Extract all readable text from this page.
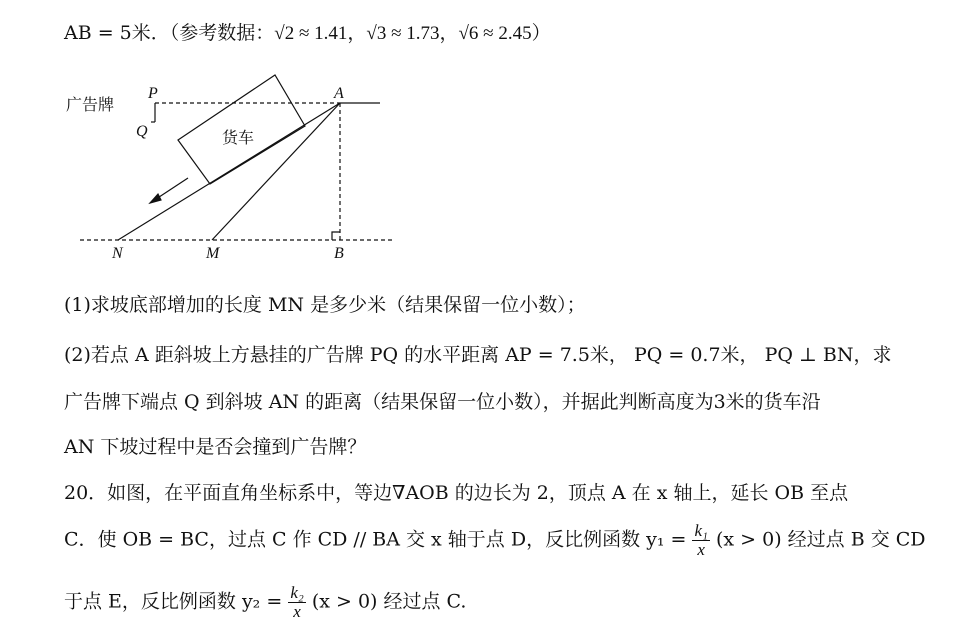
AB = 5米．（参考数据：√2 ≈ 1.41，√3 ≈ 1.73，√6 ≈ 2.45）
广告牌
P
Q
A
N	M	B
货车
(1)求坡底部增加的长度 MN 是多少米（结果保留一位小数）；
(2)若点 A 距斜坡上方悬挂的广告牌 PQ 的水平距离 AP = 7.5米， PQ = 0.7米， PQ ⊥ BN，求
广告牌下端点 Q 到斜坡 AN 的距离（结果保留一位小数），并据此判断高度为3米的货车沿
AN 下坡过程中是否会撞到广告牌？
20．如图，在平面直角坐标系中，等边∇AOB 的边长为 2，顶点 A 在 x 轴上，延长 OB 至点
C．使 OB = BC，过点 C 作 CD // BA 交 x 轴于点 D，反比例函数 $y_1 = \frac{\text{k₁}}{x} (x > 0)$ 经过点 B 交 CD
于点 E，反比例函数 $y_2 = \frac{\text{k₂}}{x} (x > 0)$ 经过点 C.
